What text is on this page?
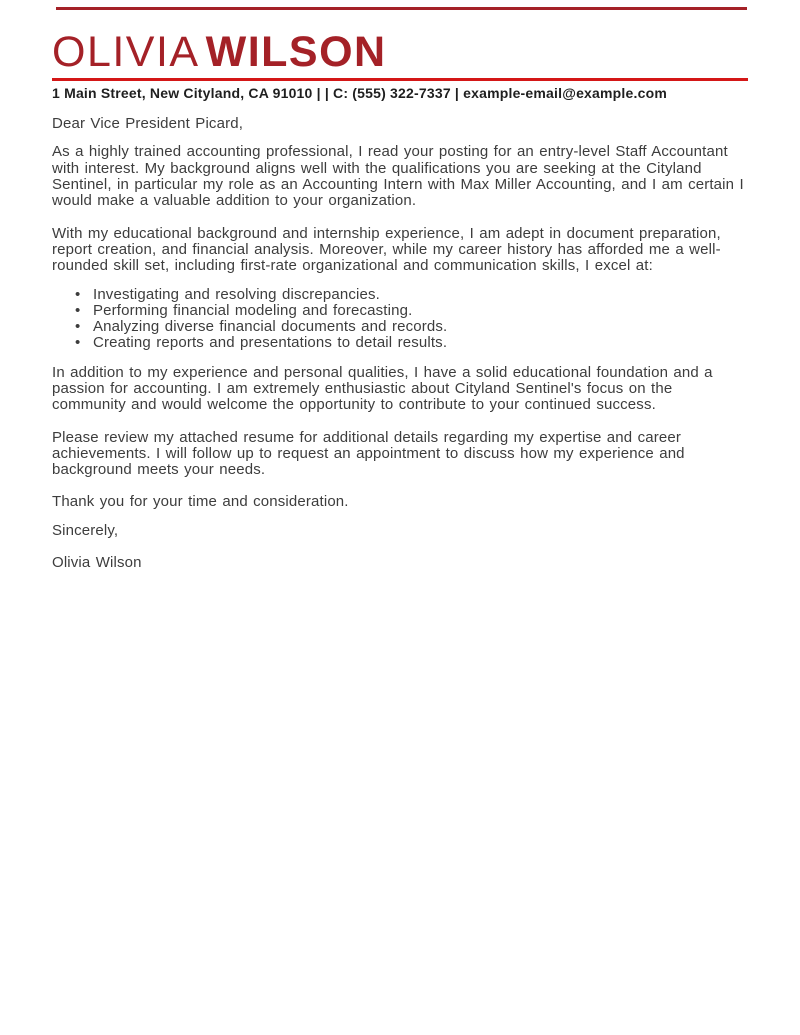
OLIVIA WILSON
1 Main Street, New Cityland, CA 91010 | | C: (555) 322-7337 | example-email@example.com

Dear Vice President Picard,

As a highly trained accounting professional, I read your posting for an entry-level Staff Accountant with interest. My background aligns well with the qualifications you are seeking at the Cityland Sentinel, in particular my role as an Accounting Intern with Max Miller Accounting, and I am certain I would make a valuable addition to your organization.

With my educational background and internship experience, I am adept in document preparation, report creation, and financial analysis. Moreover, while my career history has afforded me a well-rounded skill set, including first-rate organizational and communication skills, I excel at:

• Investigating and resolving discrepancies.
• Performing financial modeling and forecasting.
• Analyzing diverse financial documents and records.
• Creating reports and presentations to detail results.

In addition to my experience and personal qualities, I have a solid educational foundation and a passion for accounting. I am extremely enthusiastic about Cityland Sentinel's focus on the community and would welcome the opportunity to contribute to your continued success.

Please review my attached resume for additional details regarding my expertise and career achievements. I will follow up to request an appointment to discuss how my experience and background meets your needs.

Thank you for your time and consideration.

Sincerely,

Olivia Wilson
